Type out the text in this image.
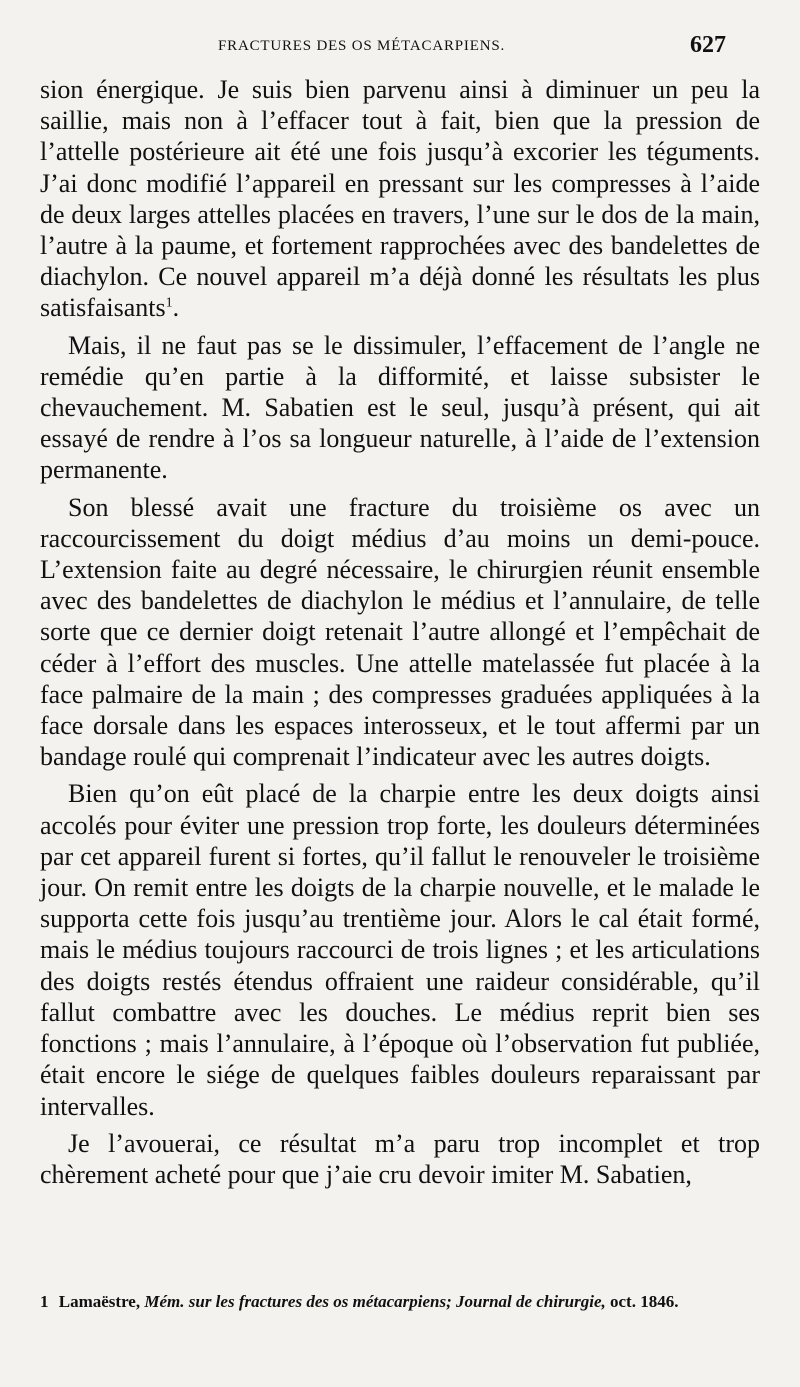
FRACTURES DES OS MÉTACARPIENS.	627

sion énergique. Je suis bien parvenu ainsi à diminuer un peu la saillie, mais non à l’effacer tout à fait, bien que la pression de l’attelle postérieure ait été une fois jusqu’à excorier les téguments. J’ai donc modifié l’appareil en pressant sur les compresses à l’aide de deux larges attelles placées en travers, l’une sur le dos de la main, l’autre à la paume, et fortement rapprochées avec des bandelettes de diachylon. Ce nouvel appareil m’a déjà donné les résultats les plus satisfaisants$^1$.

Mais, il ne faut pas se le dissimuler, l’effacement de l’angle ne remédie qu’en partie à la difformité, et laisse subsister le chevauchement. M. Sabatien est le seul, jusqu’à présent, qui ait essayé de rendre à l’os sa longueur naturelle, à l’aide de l’extension permanente.

Son blessé avait une fracture du troisième os avec un raccourcissement du doigt médius d’au moins un demi-pouce. L’extension faite au degré nécessaire, le chirurgien réunit ensemble avec des bandelettes de diachylon le médius et l’annulaire, de telle sorte que ce dernier doigt retenait l’autre allongé et l’empêchait de céder à l’effort des muscles. Une attelle matelassée fut placée à la face palmaire de la main ; des compresses graduées appliquées à la face dorsale dans les espaces interosseux, et le tout affermi par un bandage roulé qui comprenait l’indicateur avec les autres doigts.

Bien qu’on eût placé de la charpie entre les deux doigts ainsi accolés pour éviter une pression trop forte, les douleurs déterminées par cet appareil furent si fortes, qu’il fallut le renouveler le troisième jour. On remit entre les doigts de la charpie nouvelle, et le malade le supporta cette fois jusqu’au trentième jour. Alors le cal était formé, mais le médius toujours raccourci de trois lignes ; et les articulations des doigts restés étendus offraient une raideur considérable, qu’il fallut combattre avec les douches. Le médius reprit bien ses fonctions ; mais l’annulaire, à l’époque où l’observation fut publiée, était encore le siége de quelques faibles douleurs reparaissant par intervalles.

Je l’avouerai, ce résultat m’a paru trop incomplet et trop chèrement acheté pour que j’aie cru devoir imiter M. Sabatien,

1 Lamaëstre, Mém. sur les fractures des os métacarpiens; Journal de chirurgie, oct. 1846.
